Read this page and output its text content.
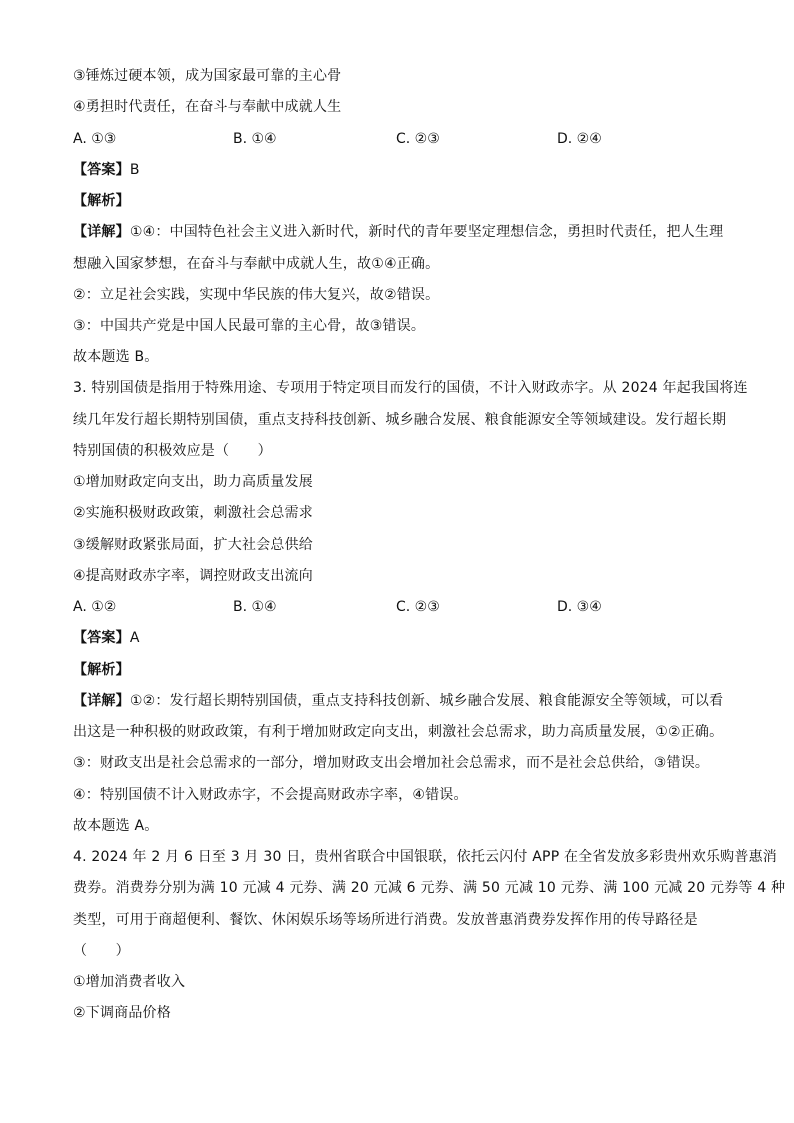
③锤炼过硬本领，成为国家最可靠的主心骨
④勇担时代责任，在奋斗与奉献中成就人生
A. ①③	B. ①④	C. ②③	D. ②④
【答案】B
【解析】
【详解】①④：中国特色社会主义进入新时代，新时代的青年要坚定理想信念，勇担时代责任，把人生理
想融入国家梦想，在奋斗与奉献中成就人生，故①④正确。
②：立足社会实践，实现中华民族的伟大复兴，故②错误。
③：中国共产党是中国人民最可靠的主心骨，故③错误。
故本题选 B。
3. 特别国债是指用于特殊用途、专项用于特定项目而发行的国债，不计入财政赤字。从 2024 年起我国将连
续几年发行超长期特别国债，重点支持科技创新、城乡融合发展、粮食能源安全等领域建设。发行超长期
特别国债的积极效应是（　　）
①增加财政定向支出，助力高质量发展
②实施积极财政政策，刺激社会总需求
③缓解财政紧张局面，扩大社会总供给
④提高财政赤字率，调控财政支出流向
A. ①②	B. ①④	C. ②③	D. ③④
【答案】A
【解析】
【详解】①②：发行超长期特别国债，重点支持科技创新、城乡融合发展、粮食能源安全等领域，可以看
出这是一种积极的财政政策，有利于增加财政定向支出，刺激社会总需求，助力高质量发展，①②正确。
③：财政支出是社会总需求的一部分，增加财政支出会增加社会总需求，而不是社会总供给，③错误。
④：特别国债不计入财政赤字，不会提高财政赤字率，④错误。
故本题选 A。
4. 2024 年 2 月 6 日至 3 月 30 日，贵州省联合中国银联，依托云闪付 APP 在全省发放多彩贵州欢乐购普惠消
费券。消费券分别为满 10 元减 4 元券、满 20 元减 6 元券、满 50 元减 10 元券、满 100 元减 20 元券等 4 种
类型，可用于商超便利、餐饮、休闲娱乐场等场所进行消费。发放普惠消费券发挥作用的传导路径是
（　　）
①增加消费者收入
②下调商品价格
